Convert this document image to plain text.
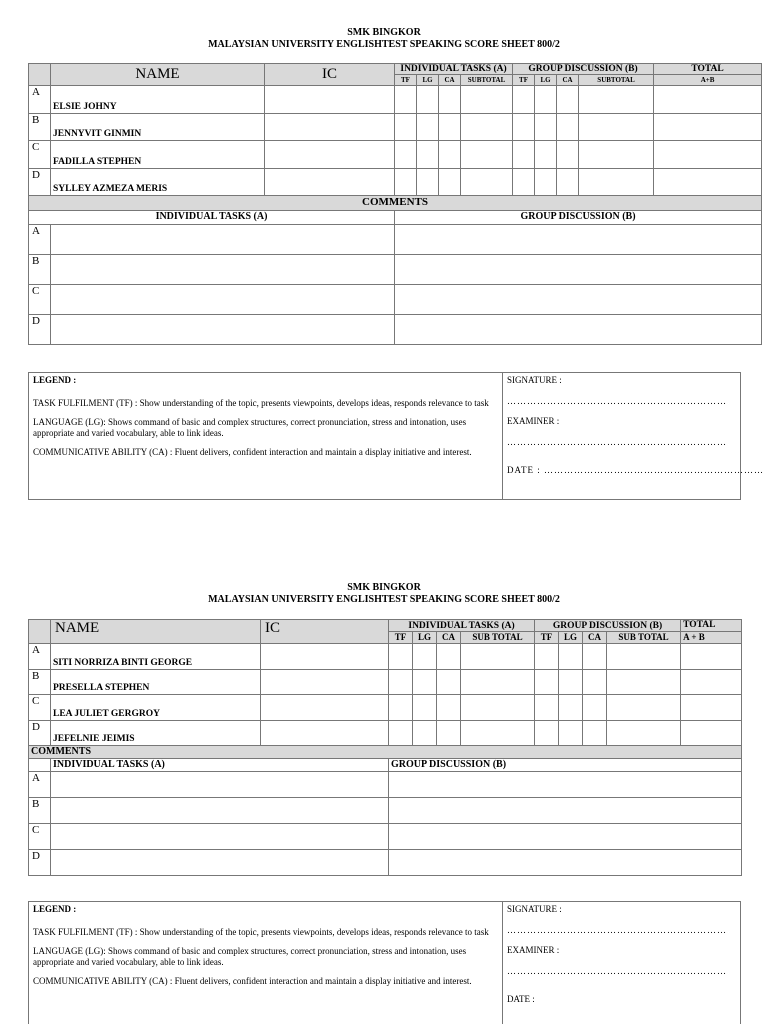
SMK BINGKOR
MALAYSIAN UNIVERSITY ENGLISHTEST SPEAKING SCORE SHEET 800/2
	NAME	IC	INDIVIDUAL TASKS (A)				GROUP DISCUSSION (B)				TOTAL
			TF	LG	CA	SUBTOTAL	TF	LG	CA	SUBTOTAL	A+B
A	ELSIE JOHNY										
B	JENNYVIT GINMIN										
C	FADILLA STEPHEN										
D	SYLLEY AZMEZA MERIS										
COMMENTS											
INDIVIDUAL TASKS (A)			GROUP DISCUSSION (B)								
A											
B											
C											
D											

LEGEND :

TASK FULFILMENT (TF) : Show understanding of the topic, presents viewpoints, develops ideas, responds relevance to task

LANGUAGE (LG): Shows command of basic and complex structures, correct pronunciation, stress and intonation, uses appropriate and varied vocabulary, able to link ideas.

COMMUNICATIVE ABILITY (CA) : Fluent delivers, confident interaction and maintain a display initiative and interest.

SIGNATURE :
…………………………………………………………
EXAMINER :
…………………………………………………………
DATE : …………………………………………………………
SMK BINGKOR
MALAYSIAN UNIVERSITY ENGLISHTEST SPEAKING SCORE SHEET 800/2
	NAME	IC	INDIVIDUAL TASKS (A)				GROUP DISCUSSION (B)				TOTAL
			TF	LG	CA	SUB TOTAL	TF	LG	CA	SUB TOTAL	A + B
A	SITI NORRIZA BINTI GEORGE										
B	PRESELLA STEPHEN										
C	LEA JULIET GERGROY										
D	JEFELNIE JEIMIS										
COMMENTS											
	INDIVIDUAL TASKS (A)		GROUP DISCUSSION (B)								
A											
B											
C											
D											

LEGEND :

TASK FULFILMENT (TF) : Show understanding of the topic, presents viewpoints, develops ideas, responds relevance to task

LANGUAGE (LG): Shows command of basic and complex structures, correct pronunciation, stress and intonation, uses appropriate and varied vocabulary, able to link ideas.

COMMUNICATIVE ABILITY (CA) : Fluent delivers, confident interaction and maintain a display initiative and interest.

SIGNATURE :
…………………………………………………………
EXAMINER :
…………………………………………………………
DATE :
